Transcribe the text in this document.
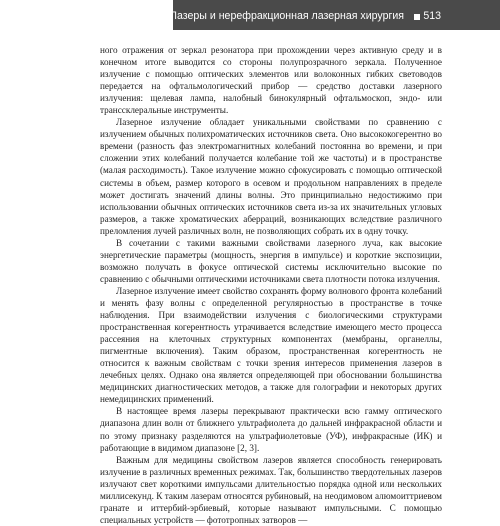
Лазеры и нерефракционная лазерная хирургия 513

ного отражения от зеркал резонатора при прохождении через активную среду и в конечном итоге выводится со стороны полупрозрачного зеркала. Полученное излучение с помощью оптических элементов или волоконных гибких световодов передается на офтальмологический прибор — средство доставки лазерного излучения: щелевая лампа, налобный бинокулярный офтальмоскоп, эндо- или транссклеральные инструменты.

Лазерное излучение обладает уникальными свойствами по сравнению с излучением обычных полихроматических источников света. Оно высококогерентно во времени (разность фаз электромагнитных колебаний постоянна во времени, и при сложении этих колебаний получается колебание той же частоты) и в пространстве (малая расходимость). Такое излучение можно сфокусировать с помощью оптической системы в объем, размер которого в осевом и продольном направлениях в пределе может достигать значений длины волны. Это принципиально недостижимо при использовании обычных оптических источников света из-за их значительных угловых размеров, а также хроматических аберраций, возникающих вследствие различного преломления лучей различных волн, не позволяющих собрать их в одну точку.

В сочетании с такими важными свойствами лазерного луча, как высокие энергетические параметры (мощность, энергия в импульсе) и короткие экспозиции, возможно получать в фокусе оптической системы исключительно высокие по сравнению с обычными оптическими источниками света плотности потока излучения.

Лазерное излучение имеет свойство сохранять форму волнового фронта колебаний и менять фазу волны с определенной регулярностью в пространстве в точке наблюдения. При взаимодействии излучения с биологическими структурами пространственная когерентность утрачивается вследствие имеющего место процесса рассеяния на клеточных структурных компонентах (мембраны, органеллы, пигментные включения). Таким образом, пространственная когерентность не относится к важным свойствам с точки зрения интересов применения лазеров в лечебных целях. Однако она является определяющей при обосновании большинства медицинских диагностических методов, а также для голографии и некоторых других немедицинских применений.

В настоящее время лазеры перекрывают практически всю гамму оптического диапазона длин волн от ближнего ультрафиолета до дальней инфракрасной области и по этому признаку разделяются на ультрафиолетовые (УФ), инфракрасные (ИК) и работающие в видимом диапазоне [2, 3].

Важным для медицины свойством лазеров является способность генерировать излучение в различных временных режимах. Так, большинство твердотельных лазеров излучают свет короткими импульсами длительностью порядка одной или нескольких миллисекунд. К таким лазерам относятся рубиновый, на неодимовом алюмоиттриевом гранате и иттербий-эрбиевый, которые называют импульсными. С помощью специальных устройств — фототропных затворов —
